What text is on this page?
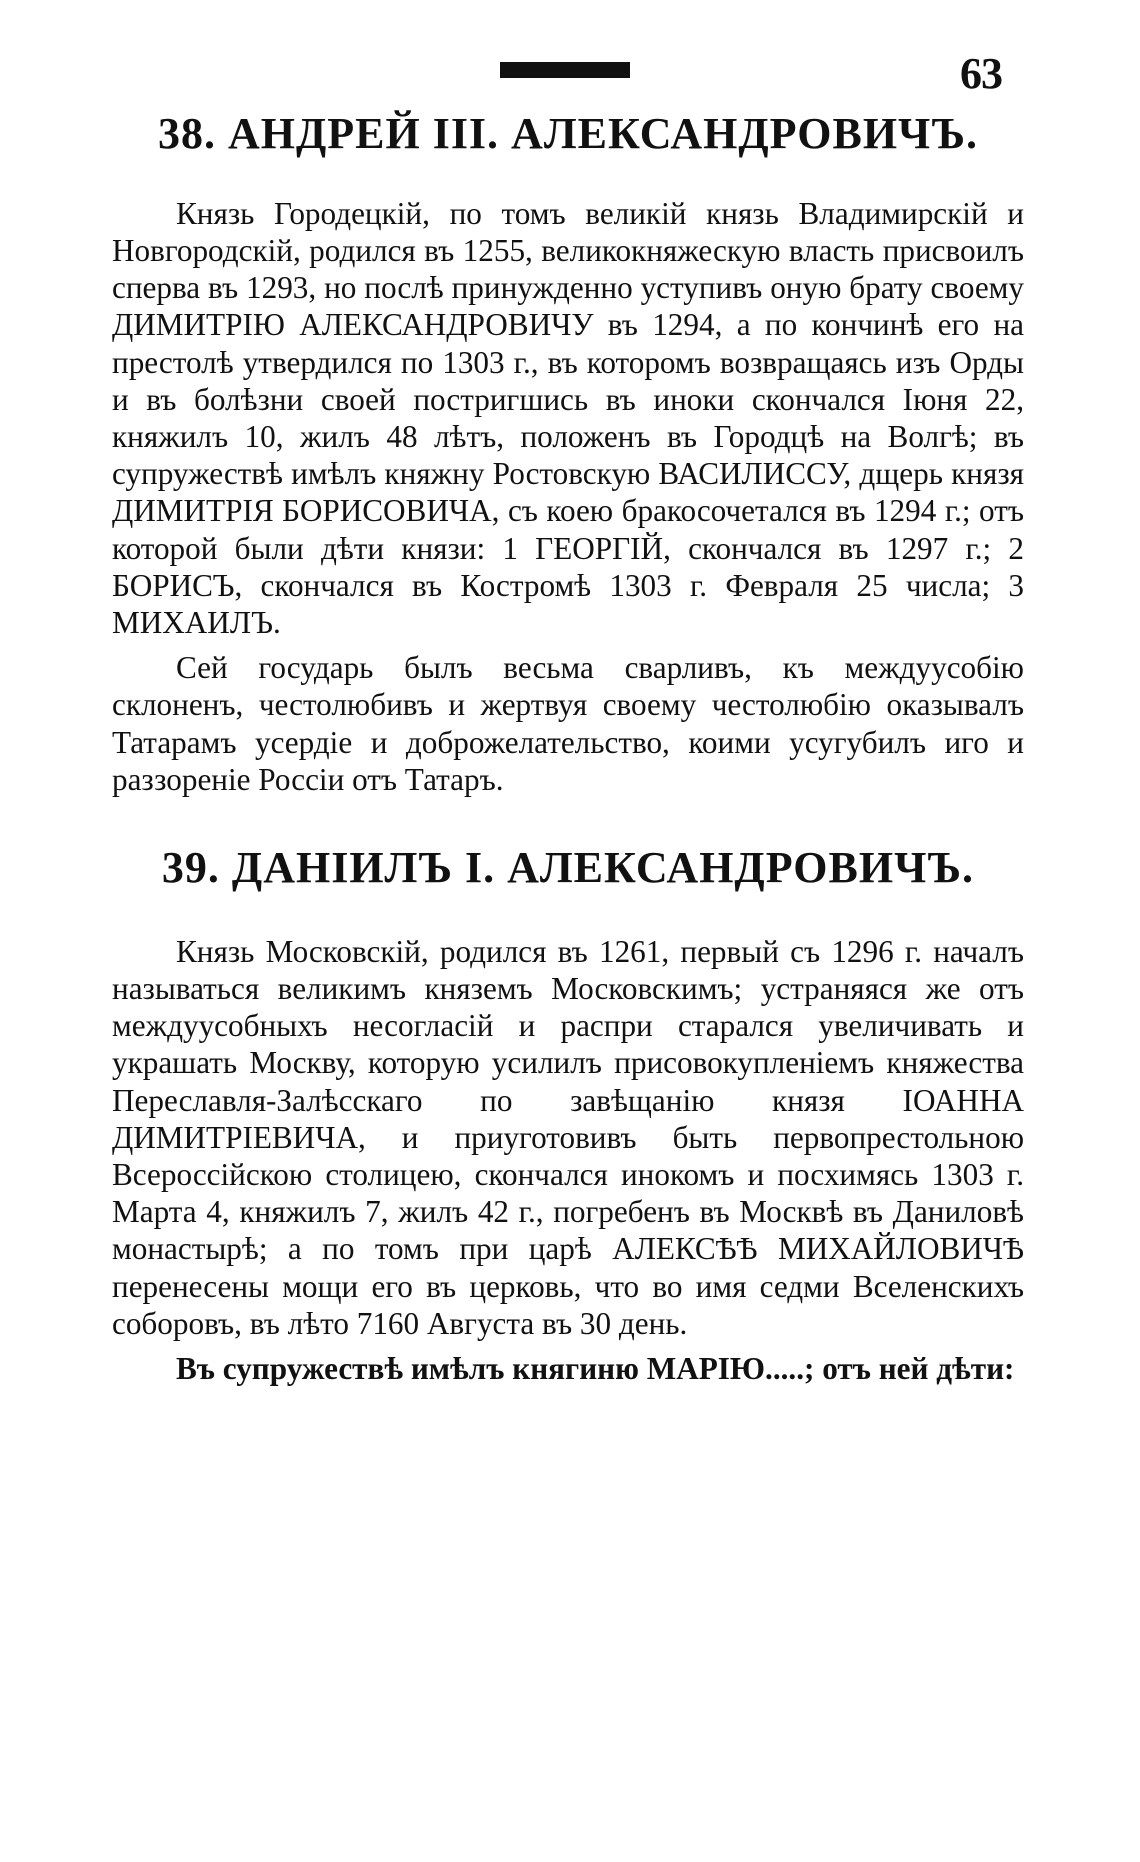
63
38. АНДРЕЙ III. АЛЕКСАНДРОВИЧЪ.

Князь Городецкій, по томъ великій князь Владимирскій и Новгородскій, родился въ 1255, великокняжескую власть присвоилъ сперва въ 1293, но послѣ принужденно уступивъ оную брату своему ДИМИТРІЮ АЛЕКСАНДРОВИЧУ въ 1294, а по кончинѣ его на престолѣ утвердился по 1303 г., въ которомъ возвращаясь изъ Орды и въ болѣзни своей постригшись въ иноки скончался Іюня 22, княжилъ 10, жилъ 48 лѣтъ, положенъ въ Городцѣ на Волгѣ; въ супружествѣ имѣлъ княжну Ростовскую ВАСИЛИССУ, дщерь князя ДИМИТРІЯ БОРИСОВИЧА, съ коею бракосочетался въ 1294 г.; отъ которой были дѣти князи: 1 ГЕОРГІЙ, скончался въ 1297 г.; 2 БОРИСЪ, скончался въ Костромѣ 1303 г. Февраля 25 числа; 3 МИХАИЛЪ.

Сей государь былъ весьма сварливъ, къ междуусобію склоненъ, честолюбивъ и жертвуя своему честолюбію оказывалъ Татарамъ усердіе и доброжелательство, коими усугубилъ иго и раззореніе Россіи отъ Татаръ.

39. ДАНІИЛЪ I. АЛЕКСАНДРОВИЧЪ.

Князь Московскій, родился въ 1261, первый съ 1296 г. началъ называться великимъ княземъ Московскимъ; устраняяся же отъ междуусобныхъ несогласій и распри старался увеличивать и украшать Москву, которую усилилъ присовокупленіемъ княжества Переславля-Залѣсскаго по завѣщанію князя ІОАННА ДИМИТРІЕВИЧА, и приуготовивъ быть первопрестольною Всероссійскою столицею, скончался инокомъ и посхимясь 1303 г. Марта 4, княжилъ 7, жилъ 42 г., погребенъ въ Москвѣ въ Даниловѣ монастырѣ; а по томъ при царѣ АЛЕКСѢѢ МИХАЙЛОВИЧѢ перенесены мощи его въ церковь, что во имя седми Вселенскихъ соборовъ, въ лѣто 7160 Августа въ 30 день.

Въ супружествѣ имѣлъ княгиню МАРІЮ.....; отъ ней дѣти:
